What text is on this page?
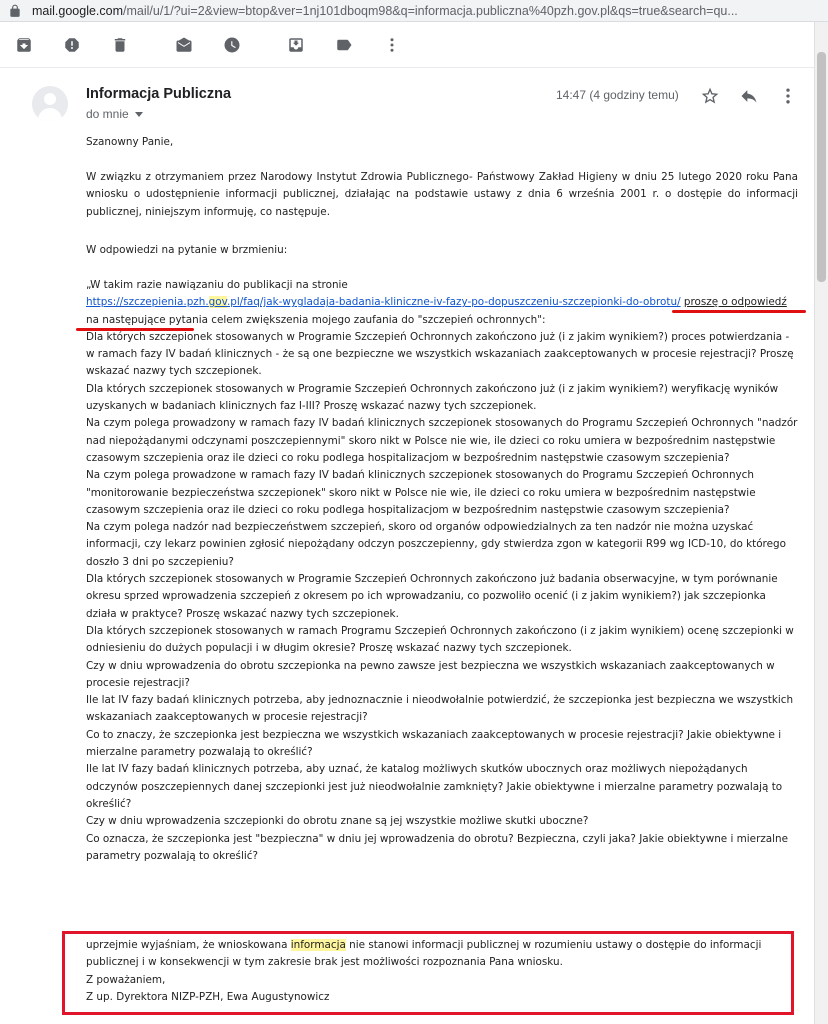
mail.google.com/mail/u/1/?ui=2&view=btop&ver=1nj101dboqm98&q=informacja.publiczna%40pzh.gov.pl&qs=true&search=qu...
Informacja Publiczna
do mnie
14:47 (4 godziny temu)
Szanowny Panie,
W związku z otrzymaniem przez Narodowy Instytut Zdrowia Publicznego- Państwowy Zakład Higieny w dniu 25 lutego 2020 roku Pana wniosku o udostępnienie informacji publicznej, działając na podstawie ustawy z dnia 6 września 2001 r. o dostępie do informacji publicznej, niniejszym informuję, co następuje.
W odpowiedzi na pytanie w brzmieniu:

„W takim razie nawiązaniu do publikacji na stronie

https://szczepienia.pzh.gov.pl/faq/jak-wygladaja-badania-kliniczne-iv-fazy-po-dopuszczeniu-szczepionki-do-obrotu/ proszę o odpowiedź na następujące pytania celem zwiększenia mojego zaufania do "szczepień ochronnych":

Dla których szczepionek stosowanych w Programie Szczepień Ochronnych zakończono już (i z jakim wynikiem?) proces potwierdzania - w ramach fazy IV badań klinicznych - że są one bezpieczne we wszystkich wskazaniach zaakceptowanych w procesie rejestracji? Proszę wskazać nazwy tych szczepionek.

Dla których szczepionek stosowanych w Programie Szczepień Ochronnych zakończono już (i z jakim wynikiem?) weryfikację wyników uzyskanych w badaniach klinicznych faz I-III? Proszę wskazać nazwy tych szczepionek.

Na czym polega prowadzony w ramach fazy IV badań klinicznych szczepionek stosowanych do Programu Szczepień Ochronnych "nadzór nad niepożądanymi odczynami poszczepiennymi" skoro nikt w Polsce nie wie, ile dzieci co roku umiera w bezpośrednim następstwie czasowym szczepienia oraz ile dzieci co roku podlega hospitalizacjom w bezpośrednim następstwie czasowym szczepienia?

Na czym polega prowadzone w ramach fazy IV badań klinicznych szczepionek stosowanych do Programu Szczepień Ochronnych "monitorowanie bezpieczeństwa szczepionek" skoro nikt w Polsce nie wie, ile dzieci co roku umiera w bezpośrednim następstwie czasowym szczepienia oraz ile dzieci co roku podlega hospitalizacjom w bezpośrednim następstwie czasowym szczepienia?

Na czym polega nadzór nad bezpieczeństwem szczepień, skoro od organów odpowiedzialnych za ten nadzór nie można uzyskać informacji, czy lekarz powinien zgłosić niepożądany odczyn poszczepienny, gdy stwierdza zgon w kategorii R99 wg ICD-10, do którego doszło 3 dni po szczepieniu?

Dla których szczepionek stosowanych w Programie Szczepień Ochronnych zakończono już badania obserwacyjne, w tym porównanie okresu sprzed wprowadzenia szczepień z okresem po ich wprowadzaniu, co pozwoliło ocenić (i z jakim wynikiem?) jak szczepionka działa w praktyce? Proszę wskazać nazwy tych szczepionek.

Dla których szczepionek stosowanych w ramach Programu Szczepień Ochronnych zakończono (i z jakim wynikiem) ocenę szczepionki w odniesieniu do dużych populacji i w długim okresie? Proszę wskazać nazwy tych szczepionek.

Czy w dniu wprowadzenia do obrotu szczepionka na pewno zawsze jest bezpieczna we wszystkich wskazaniach zaakceptowanych w procesie rejestracji?

Ile lat IV fazy badań klinicznych potrzeba, aby jednoznacznie i nieodwołalnie potwierdzić, że szczepionka jest bezpieczna we wszystkich wskazaniach zaakceptowanych w procesie rejestracji?

Co to znaczy, że szczepionka jest bezpieczna we wszystkich wskazaniach zaakceptowanych w procesie rejestracji? Jakie obiektywne i mierzalne parametry pozwalają to określić?

Ile lat IV fazy badań klinicznych potrzeba, aby uznać, że katalog możliwych skutków ubocznych oraz możliwych niepożądanych odczynów poszczepiennych danej szczepionki jest już nieodwołalnie zamknięty? Jakie obiektywne i mierzalne parametry pozwalają to określić?

Czy w dniu wprowadzenia szczepionki do obrotu znane są jej wszystkie możliwe skutki uboczne?

Co oznacza, że szczepionka jest "bezpieczna" w dniu jej wprowadzenia do obrotu? Bezpieczna, czyli jaka? Jakie obiektywne i mierzalne parametry pozwalają to określić?

uprzejmie wyjaśniam, że wnioskowana informacja nie stanowi informacji publicznej w rozumieniu ustawy o dostępie do informacji publicznej i w konsekwencji w tym zakresie brak jest możliwości rozpoznania Pana wniosku.

Z poważaniem,

Z up. Dyrektora NIZP-PZH, Ewa Augustynowicz
